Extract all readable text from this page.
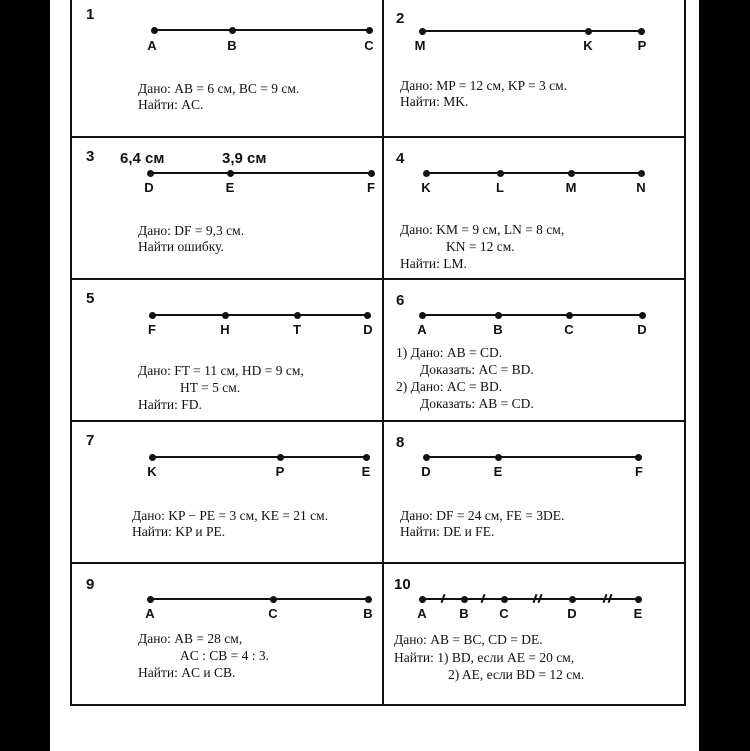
1
A	B	C
Дано: AB = 6 см, BC = 9 см.
Найти: AC.
2
M	K	P
Дано: MP = 12 см, KP = 3 см.
Найти: MK.
3 6,4 см	3,9 см
D	E	F
Дано: DF = 9,3 см.
Найти ошибку.
4
K	L	M	N
Дано: KM = 9 см, LN = 8 см,
KN = 12 см.
Найти: LM.
5
F	H	T	D
Дано: FT = 11 см, HD = 9 см,
HT = 5 см.
Найти: FD.
6
A	B	C	D
1) Дано: AB = CD.
Доказать: AC = BD.
2) Дано: AC = BD.
Доказать: AB = CD.
7
K	P	E
Дано: KP − PE = 3 см, KE = 21 см.
Найти: KP и PE.
8
D	E	F
Дано: DF = 24 см, FE = 3DE.
Найти: DE и FE.
9
A	C	B
Дано: AB = 28 см,
AC : CB = 4 : 3.
Найти: AC и CB.
10
A	B C	D	E
Дано: AB = BC, CD = DE.
Найти: 1) BD, если AE = 20 см,
2) AE, если BD = 12 см.
